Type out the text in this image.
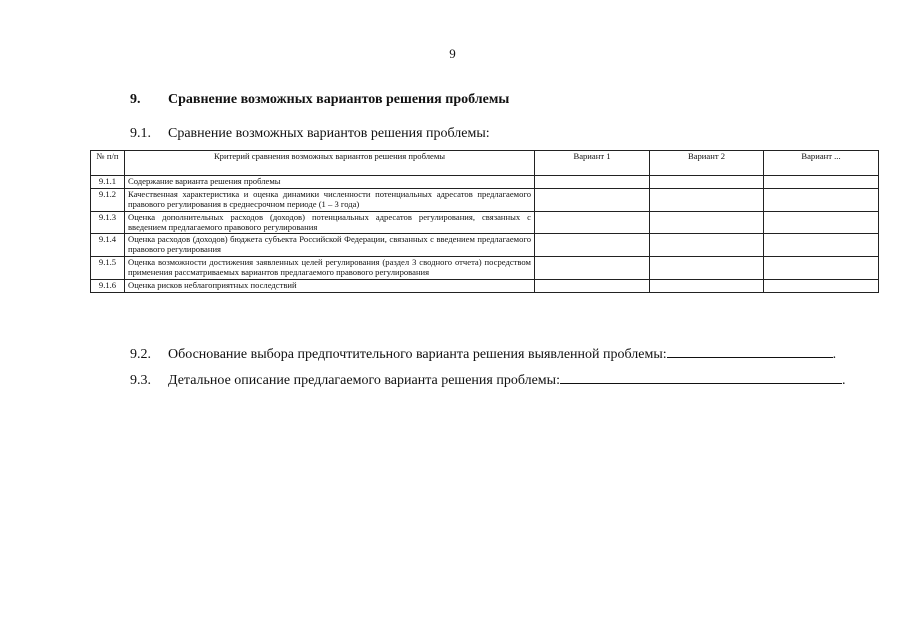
9
9. Сравнение возможных вариантов решения проблемы
9.1. Сравнение возможных вариантов решения проблемы:
№ п/п	Критерий сравнения возможных вариантов решения проблемы	Вариант 1	Вариант 2	Вариант ...
9.1.1	Содержание варианта решения проблемы			
9.1.2	Качественная характеристика и оценка динамики численности потенциальных адресатов предлагаемого правового регулирования в среднесрочном периоде (1 – 3 года)			
9.1.3	Оценка дополнительных расходов (доходов) потенциальных адресатов регулирования, связанных с введением предлагаемого правового регулирования			
9.1.4	Оценка расходов (доходов) бюджета субъекта Российской Федерации, связанных с введением предлагаемого правового регулирования			
9.1.5	Оценка возможности достижения заявленных целей регулирования (раздел 3 сводного отчета) посредством применения рассматриваемых вариантов предлагаемого правового регулирования			
9.1.6	Оценка рисков неблагоприятных последствий			
9.2. Обоснование выбора предпочтительного варианта решения выявленной проблемы:	.
9.3. Детальное описание предлагаемого варианта решения проблемы:	.
